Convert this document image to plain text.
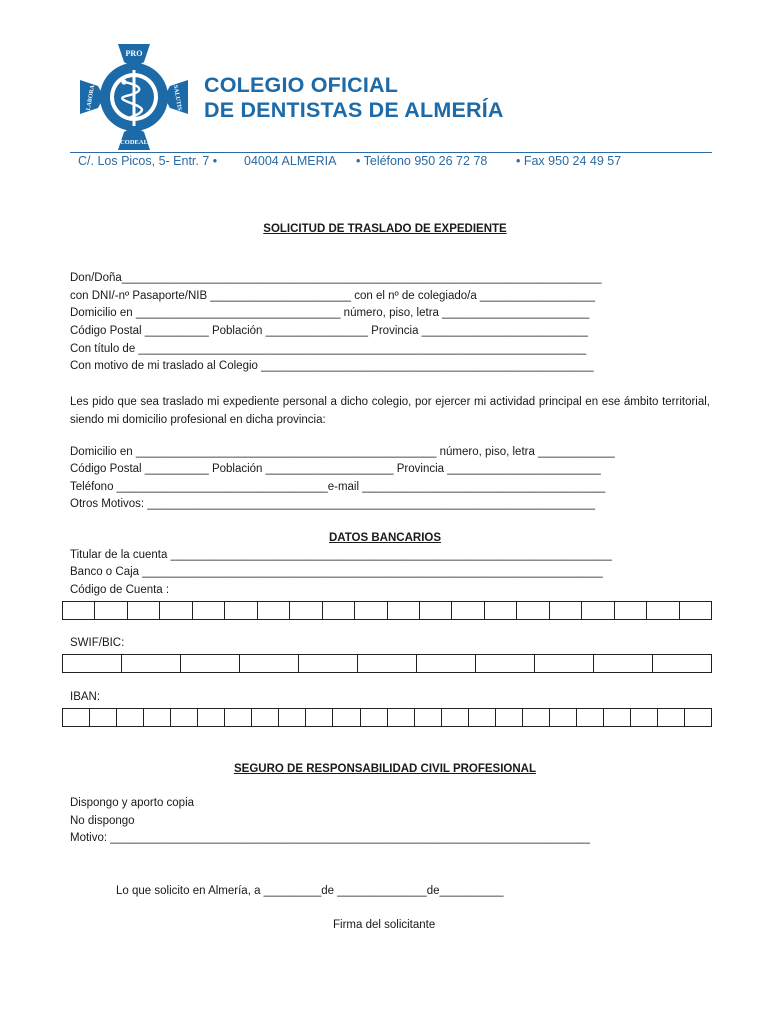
PRO
CODEAL
LABORA	SALUTIS COLEGIO OFICIAL
DE DENTISTAS DE ALMERÍA
C/. Los Picos, 5- Entr. 7 • 04004 ALMERIA • Teléfono 950 26 72 78 • Fax 950 24 49 57
SOLICITUD DE TRASLADO DE EXPEDIENTE
Don/Doña___________________________________________________________________________
con DNI/-nº Pasaporte/NIB ______________________ con el nº de colegiado/a __________________
Domicilio en ________________________________ número, piso, letra _______________________
Código Postal __________ Población ________________ Provincia __________________________
Con título de ______________________________________________________________________
Con motivo de mi traslado al Colegio ____________________________________________________
Les pido que sea traslado mi expediente personal a dicho colegio, por ejercer mi actividad principal en ese ámbito territorial, siendo mi domicilio profesional en dicha provincia:
Domicilio en _______________________________________________ número, piso, letra ____________
Código Postal __________ Población ____________________ Provincia ________________________
Teléfono _________________________________e-mail ______________________________________
Otros Motivos: ______________________________________________________________________
DATOS BANCARIOS
Titular de la cuenta _____________________________________________________________________
Banco o Caja ________________________________________________________________________
Código de Cuenta :
SWIF/BIC:
IBAN:
SEGURO DE RESPONSABILIDAD CIVIL PROFESIONAL
Dispongo y aporto copia
No dispongo
Motivo: ___________________________________________________________________________
Lo que solicito en Almería, a _________de ______________de__________
Firma del solicitante
